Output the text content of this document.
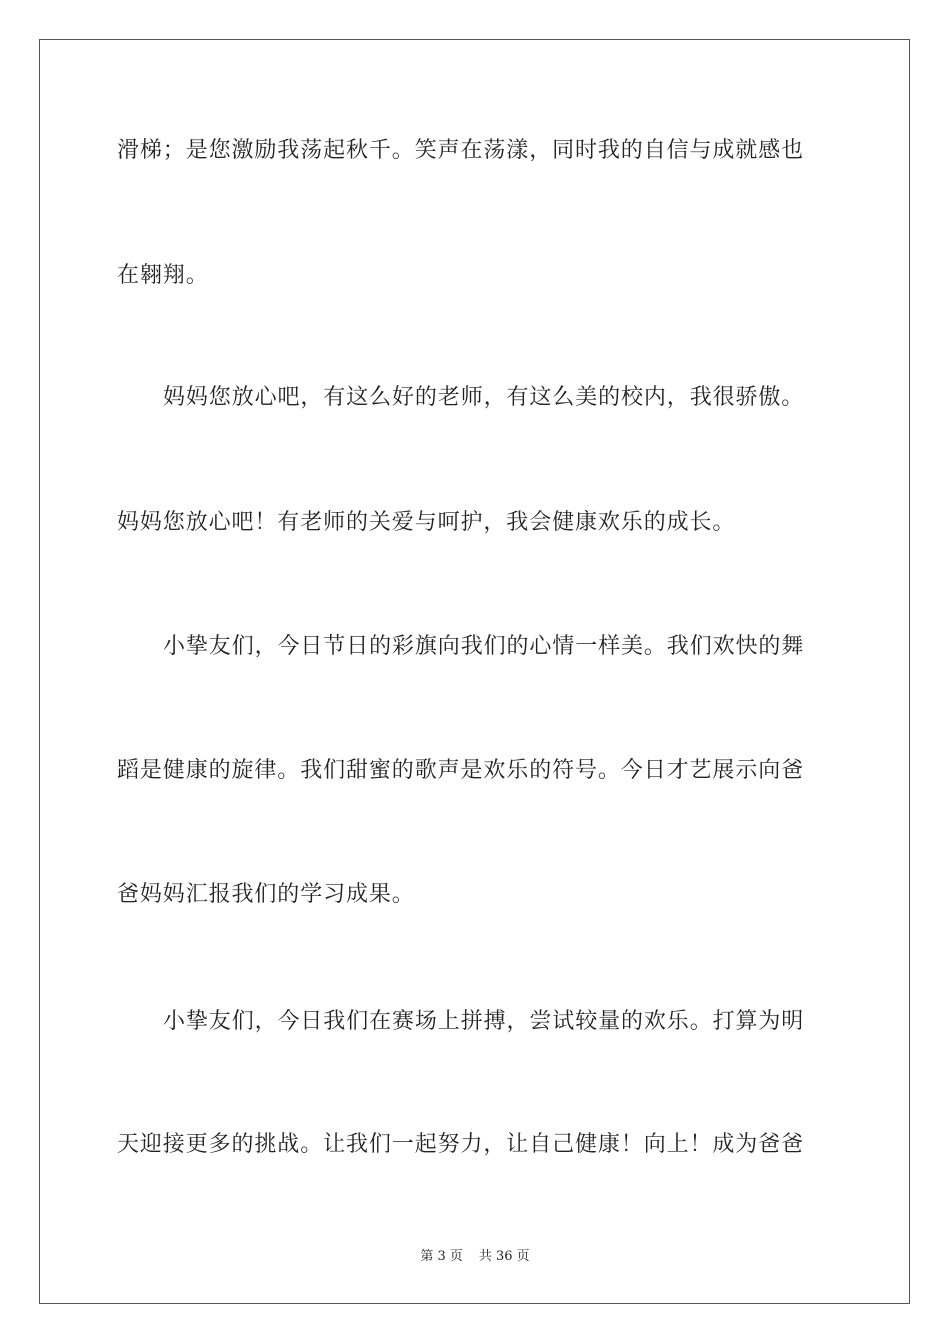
滑梯；是您激励我荡起秋千。笑声在荡漾，同时我的自信与成就感也
在翱翔。
妈妈您放心吧，有这么好的老师，有这么美的校内，我很骄傲。
妈妈您放心吧！有老师的关爱与呵护，我会健康欢乐的成长。
小挚友们，今日节日的彩旗向我们的心情一样美。我们欢快的舞
蹈是健康的旋律。我们甜蜜的歌声是欢乐的符号。今日才艺展示向爸
爸妈妈汇报我们的学习成果。
小挚友们，今日我们在赛场上拼搏，尝试较量的欢乐。打算为明
天迎接更多的挑战。让我们一起努力，让自己健康！向上！成为爸爸
第 3 页 共 36 页
